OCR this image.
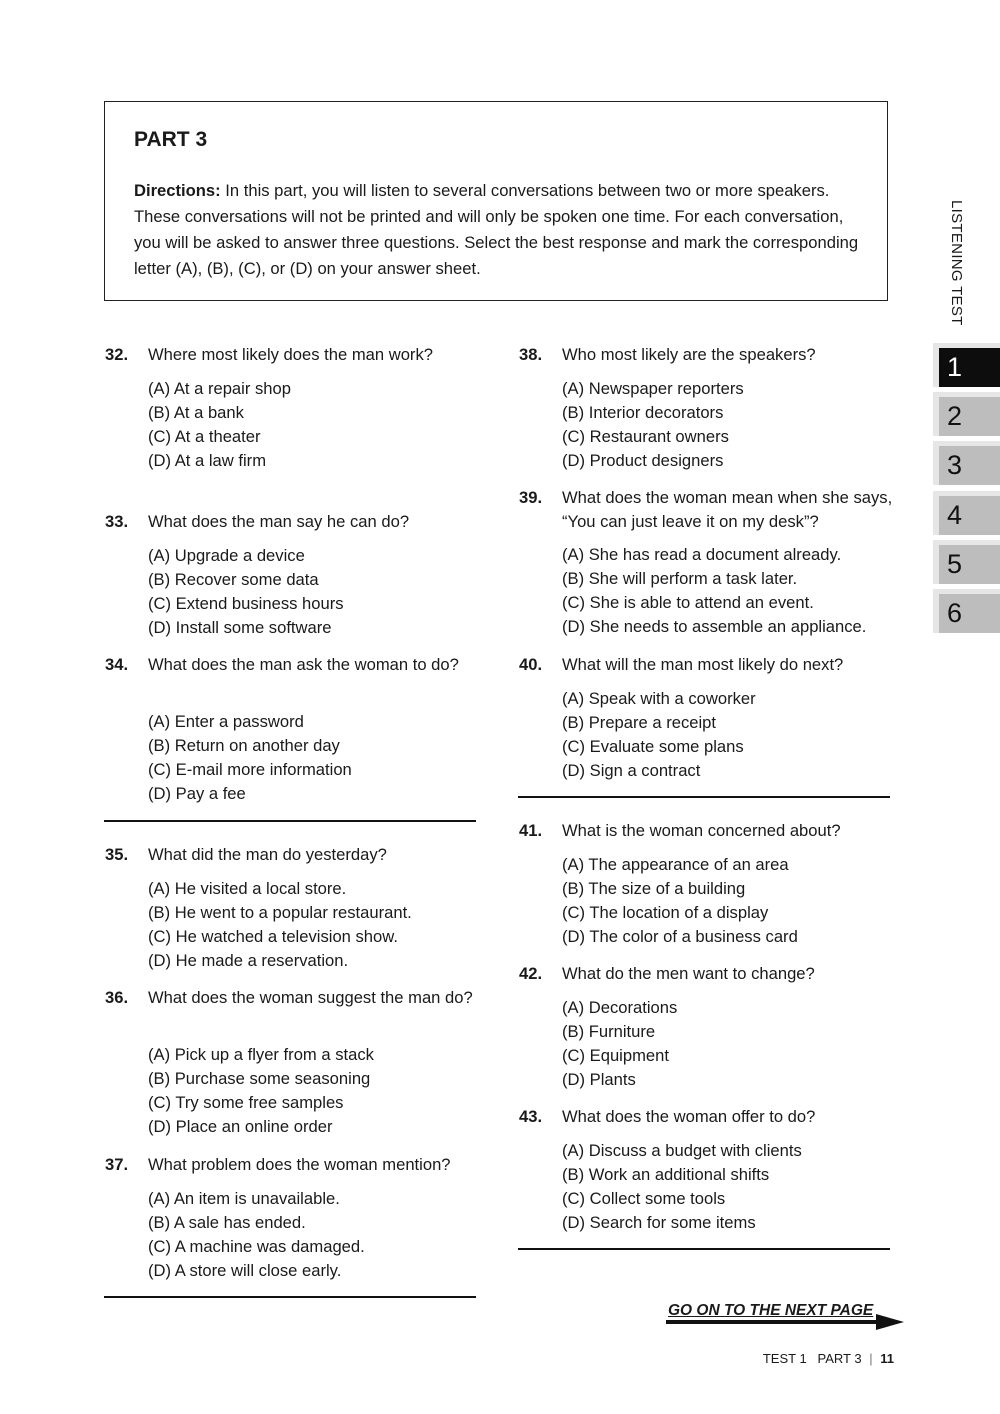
PART 3
Directions: In this part, you will listen to several conversations between two or more speakers. These conversations will not be printed and will only be spoken one time. For each conversation, you will be asked to answer three questions. Select the best response and mark the corresponding letter (A), (B), (C), or (D) on your answer sheet.	LISTENING TEST
1
2
3
4
5
6
32. Where most likely does the man work?
(A) At a repair shop
(B) At a bank
(C) At a theater
(D) At a law firm
33. What does the man say he can do?
(A) Upgrade a device
(B) Recover some data
(C) Extend business hours
(D) Install some software
34. What does the man ask the woman to do?
(A) Enter a password
(B) Return on another day
(C) E-mail more information
(D) Pay a fee
35. What did the man do yesterday?
(A) He visited a local store.
(B) He went to a popular restaurant.
(C) He watched a television show.
(D) He made a reservation.
36. What does the woman suggest the man do?
(A) Pick up a flyer from a stack
(B) Purchase some seasoning
(C) Try some free samples
(D) Place an online order
37. What problem does the woman mention?
(A) An item is unavailable.
(B) A sale has ended.
(C) A machine was damaged.
(D) A store will close early.
38. Who most likely are the speakers?
(A) Newspaper reporters
(B) Interior decorators
(C) Restaurant owners
(D) Product designers
39. What does the woman mean when she says, “You can just leave it on my desk”?
(A) She has read a document already.
(B) She will perform a task later.
(C) She is able to attend an event.
(D) She needs to assemble an appliance.
40. What will the man most likely do next?
(A) Speak with a coworker
(B) Prepare a receipt
(C) Evaluate some plans
(D) Sign a contract
41. What is the woman concerned about?
(A) The appearance of an area
(B) The size of a building
(C) The location of a display
(D) The color of a business card
42. What do the men want to change?
(A) Decorations
(B) Furniture
(C) Equipment
(D) Plants
43. What does the woman offer to do?
(A) Discuss a budget with clients
(B) Work an additional shifts
(C) Collect some tools
(D) Search for some items
GO ON TO THE NEXT PAGE
TEST 1 PART 3 | 11
